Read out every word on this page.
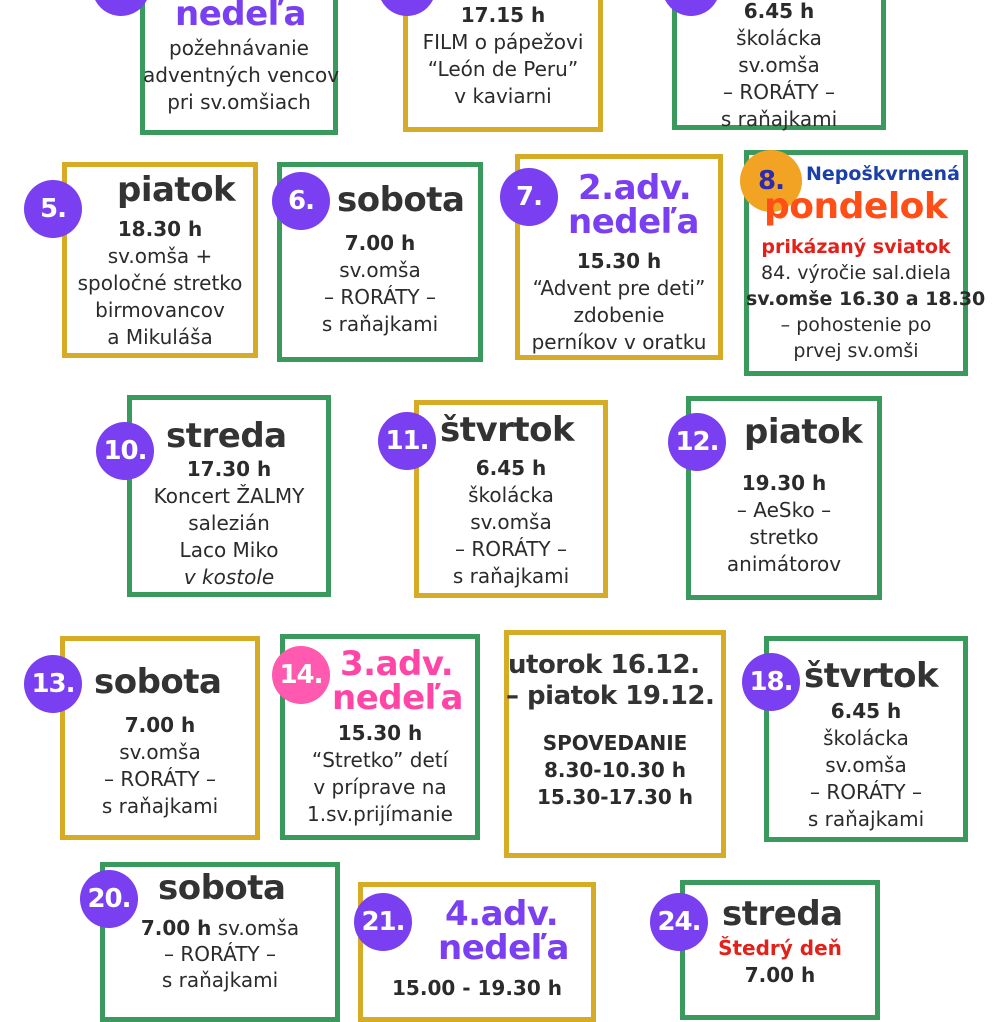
nedeľa
požehnávanie
adventných vencov
pri sv.omšiach
17.15 h
FILM o pápežovi
“León de Peru”
v kaviarni
6.45 h
školácka
sv.omša
– RORÁTY –
s raňajkami
5.	piatok
18.30 h
sv.omša +
spoločné stretko
birmovancov
a Mikuláša
6. sobota
7.00 h
sv.omša
– RORÁTY –
s raňajkami
7.	2.adv.
nedeľa
15.30 h
“Advent pre deti”
zdobenie
perníkov v oratku
8.	Nepoškvrnená
pondelok
prikázaný sviatok
84. výročie sal.diela
sv.omše 16.30 a 18.30
– pohostenie po
prvej sv.omši
10. streda
17.30 h
Koncert ŽALMY
salezián
Laco Miko
v kostole
11. štvrtok
6.45 h
školácka
sv.omša
– RORÁTY –
s raňajkami
12. piatok
19.30 h
– AeSko –
stretko
animátorov
13. sobota
7.00 h
sv.omša
– RORÁTY –
s raňajkami
14. 3.adv.
nedeľa
15.30 h
“Stretko” detí
v príprave na
1.sv.prijímanie
utorok 16.12.
– piatok 19.12.
SPOVEDANIE
8.30-10.30 h
15.30-17.30 h
18. štvrtok
6.45 h
školácka
sv.omša
– RORÁTY –
s raňajkami
20. sobota
7.00 h sv.omša
– RORÁTY –
s raňajkami
21. 4.adv.
nedeľa
15.00 - 19.30 h
24. streda
Štedrý deň
7.00 h
